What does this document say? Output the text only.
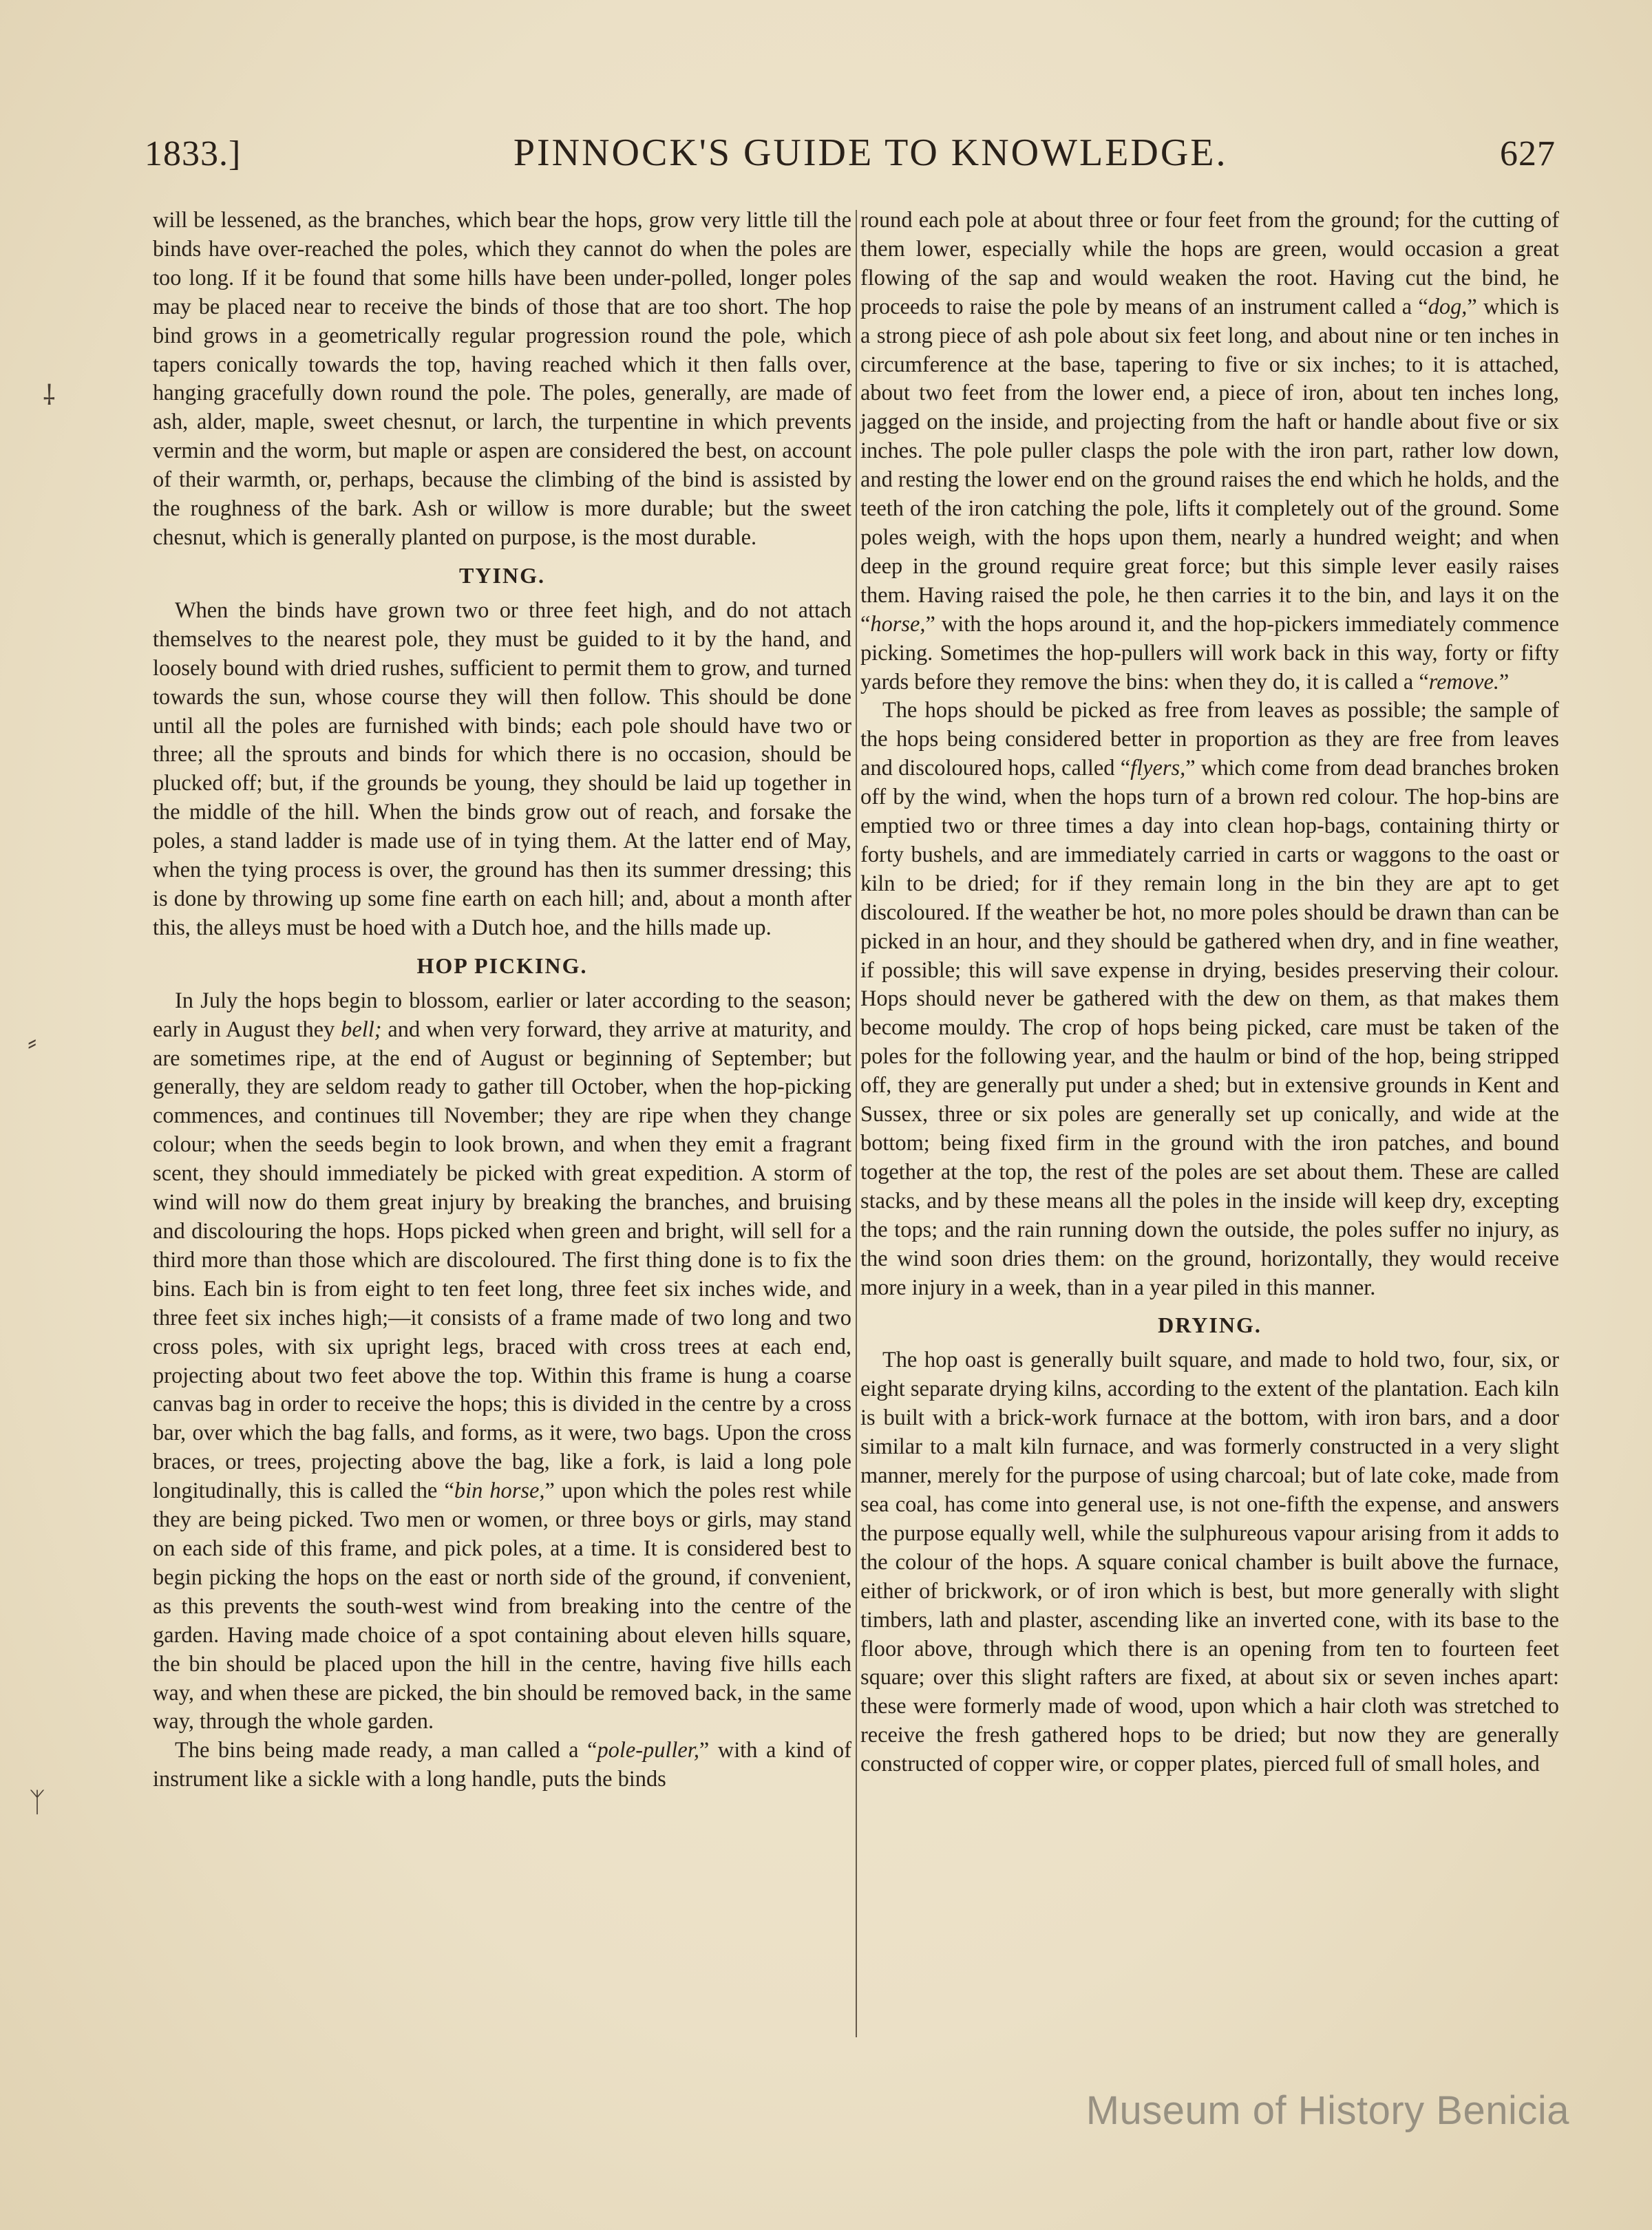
1833.]	PINNOCK'S GUIDE TO KNOWLEDGE.	627
⸸
⸗
ᛉ

will be lessened, as the branches, which bear the hops, grow very little till the binds have over-reached the poles, which they cannot do when the poles are too long. If it be found that some hills have been under-polled, longer poles may be placed near to receive the binds of those that are too short. The hop bind grows in a geometrically regular progression round the pole, which tapers conically towards the top, having reached which it then falls over, hanging gracefully down round the pole. The poles, generally, are made of ash, alder, maple, sweet chesnut, or larch, the turpentine in which prevents vermin and the worm, but maple or aspen are considered the best, on account of their warmth, or, perhaps, because the climbing of the bind is assisted by the roughness of the bark. Ash or willow is more durable; but the sweet chesnut, which is generally planted on purpose, is the most durable.

TYING.

When the binds have grown two or three feet high, and do not attach themselves to the nearest pole, they must be guided to it by the hand, and loosely bound with dried rushes, sufficient to permit them to grow, and turned towards the sun, whose course they will then follow. This should be done until all the poles are furnished with binds; each pole should have two or three; all the sprouts and binds for which there is no occasion, should be plucked off; but, if the grounds be young, they should be laid up together in the middle of the hill. When the binds grow out of reach, and forsake the poles, a stand ladder is made use of in tying them. At the latter end of May, when the tying process is over, the ground has then its summer dressing; this is done by throwing up some fine earth on each hill; and, about a month after this, the alleys must be hoed with a Dutch hoe, and the hills made up.

HOP PICKING.

In July the hops begin to blossom, earlier or later according to the season; early in August they bell; and when very forward, they arrive at maturity, and are sometimes ripe, at the end of August or beginning of September; but generally, they are seldom ready to gather till October, when the hop-picking commences, and continues till November; they are ripe when they change colour; when the seeds begin to look brown, and when they emit a fragrant scent, they should immediately be picked with great expedition. A storm of wind will now do them great injury by breaking the branches, and bruising and discolouring the hops. Hops picked when green and bright, will sell for a third more than those which are discoloured. The first thing done is to fix the bins. Each bin is from eight to ten feet long, three feet six inches wide, and three feet six inches high;—it consists of a frame made of two long and two cross poles, with six upright legs, braced with cross trees at each end, projecting about two feet above the top. Within this frame is hung a coarse canvas bag in order to receive the hops; this is divided in the centre by a cross bar, over which the bag falls, and forms, as it were, two bags. Upon the cross braces, or trees, projecting above the bag, like a fork, is laid a long pole longitudinally, this is called the “bin horse,” upon which the poles rest while they are being picked. Two men or women, or three boys or girls, may stand on each side of this frame, and pick poles, at a time. It is considered best to begin picking the hops on the east or north side of the ground, if convenient, as this prevents the south-west wind from breaking into the centre of the garden. Having made choice of a spot containing about eleven hills square, the bin should be placed upon the hill in the centre, having five hills each way, and when these are picked, the bin should be removed back, in the same way, through the whole garden.

The bins being made ready, a man called a “pole-puller,” with a kind of instrument like a sickle with a long handle, puts the binds

round each pole at about three or four feet from the ground; for the cutting of them lower, especially while the hops are green, would occasion a great flowing of the sap and would weaken the root. Having cut the bind, he proceeds to raise the pole by means of an instrument called a “dog,” which is a strong piece of ash pole about six feet long, and about nine or ten inches in circumference at the base, tapering to five or six inches; to it is attached, about two feet from the lower end, a piece of iron, about ten inches long, jagged on the inside, and projecting from the haft or handle about five or six inches. The pole puller clasps the pole with the iron part, rather low down, and resting the lower end on the ground raises the end which he holds, and the teeth of the iron catching the pole, lifts it completely out of the ground. Some poles weigh, with the hops upon them, nearly a hundred weight; and when deep in the ground require great force; but this simple lever easily raises them. Having raised the pole, he then carries it to the bin, and lays it on the “horse,” with the hops around it, and the hop-pickers immediately commence picking. Sometimes the hop-pullers will work back in this way, forty or fifty yards before they remove the bins: when they do, it is called a “remove.”

The hops should be picked as free from leaves as possible; the sample of the hops being considered better in proportion as they are free from leaves and discoloured hops, called “flyers,” which come from dead branches broken off by the wind, when the hops turn of a brown red colour. The hop-bins are emptied two or three times a day into clean hop-bags, containing thirty or forty bushels, and are immediately carried in carts or waggons to the oast or kiln to be dried; for if they remain long in the bin they are apt to get discoloured. If the weather be hot, no more poles should be drawn than can be picked in an hour, and they should be gathered when dry, and in fine weather, if possible; this will save expense in drying, besides preserving their colour. Hops should never be gathered with the dew on them, as that makes them become mouldy. The crop of hops being picked, care must be taken of the poles for the following year, and the haulm or bind of the hop, being stripped off, they are generally put under a shed; but in extensive grounds in Kent and Sussex, three or six poles are generally set up conically, and wide at the bottom; being fixed firm in the ground with the iron patches, and bound together at the top, the rest of the poles are set about them. These are called stacks, and by these means all the poles in the inside will keep dry, excepting the tops; and the rain running down the outside, the poles suffer no injury, as the wind soon dries them: on the ground, horizontally, they would receive more injury in a week, than in a year piled in this manner.

DRYING.

The hop oast is generally built square, and made to hold two, four, six, or eight separate drying kilns, according to the extent of the plantation. Each kiln is built with a brick-work furnace at the bottom, with iron bars, and a door similar to a malt kiln furnace, and was formerly constructed in a very slight manner, merely for the purpose of using charcoal; but of late coke, made from sea coal, has come into general use, is not one-fifth the expense, and answers the purpose equally well, while the sulphureous vapour arising from it adds to the colour of the hops. A square conical chamber is built above the furnace, either of brickwork, or of iron which is best, but more generally with slight timbers, lath and plaster, ascending like an inverted cone, with its base to the floor above, through which there is an opening from ten to fourteen feet square; over this slight rafters are fixed, at about six or seven inches apart: these were formerly made of wood, upon which a hair cloth was stretched to receive the fresh gathered hops to be dried; but now they are generally constructed of copper wire, or copper plates, pierced full of small holes, and

Museum of History Benicia
